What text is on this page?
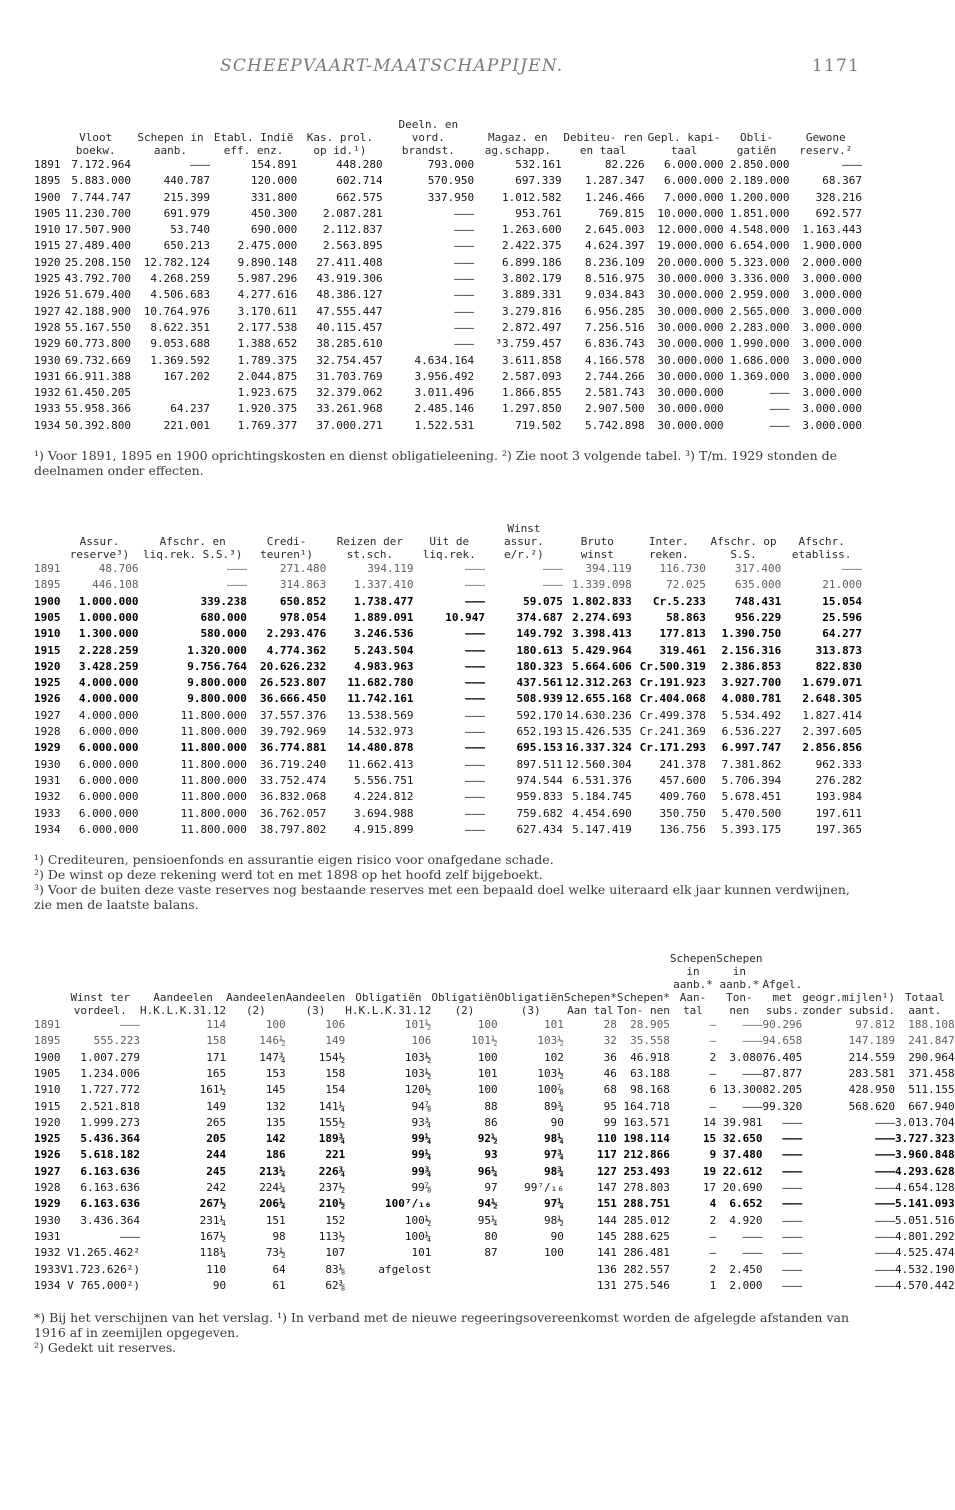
SCHEEPVAART-MAATSCHAPPIJEN.	1171
	Vloot boekw.	Schepen in aanb.	Etabl. Indië eff. enz.	Kas. prol. op id.¹)	Deeln. en vord. brandst.	Magaz. en ag.schapp.	Debiteu- ren en taal	Gepl. kapi- taal	Obli- gatiën	Gewone reserv.²
1891	7.172.964	———	154.891	448.280	793.000	532.161	82.226	6.000.000	2.850.000	———
1895	5.883.000	440.787	120.000	602.714	570.950	697.339	1.287.347	6.000.000	2.189.000	68.367
1900	7.744.747	215.399	331.800	662.575	337.950	1.012.582	1.246.466	7.000.000	1.200.000	328.216
1905	11.230.700	691.979	450.300	2.087.281	———	953.761	769.815	10.000.000	1.851.000	692.577
1910	17.507.900	53.740	690.000	2.112.837	———	1.263.600	2.645.003	12.000.000	4.548.000	1.163.443
1915	27.489.400	650.213	2.475.000	2.563.895	———	2.422.375	4.624.397	19.000.000	6.654.000	1.900.000
1920	25.208.150	12.782.124	9.890.148	27.411.408	———	6.899.186	8.236.109	20.000.000	5.323.000	2.000.000
1925	43.792.700	4.268.259	5.987.296	43.919.306	———	3.802.179	8.516.975	30.000.000	3.336.000	3.000.000
1926	51.679.400	4.506.683	4.277.616	48.386.127	———	3.889.331	9.034.843	30.000.000	2.959.000	3.000.000
1927	42.188.900	10.764.976	3.170.611	47.555.447	———	3.279.816	6.956.285	30.000.000	2.565.000	3.000.000
1928	55.167.550	8.622.351	2.177.538	40.115.457	———	2.872.497	7.256.516	30.000.000	2.283.000	3.000.000
1929	60.773.800	9.053.688	1.388.652	38.285.610	———	³3.759.457	6.836.743	30.000.000	1.990.000	3.000.000
1930	69.732.669	1.369.592	1.789.375	32.754.457	4.634.164	3.611.858	4.166.578	30.000.000	1.686.000	3.000.000
1931	66.911.388	167.202	2.044.875	31.703.769	3.956.492	2.587.093	2.744.266	30.000.000	1.369.000	3.000.000
1932	61.450.205		1.923.675	32.379.062	3.011.496	1.866.855	2.581.743	30.000.000	———	3.000.000
1933	55.958.366	64.237	1.920.375	33.261.968	2.485.146	1.297.850	2.907.500	30.000.000	———	3.000.000
1934	50.392.800	221.001	1.769.377	37.000.271	1.522.531	719.502	5.742.898	30.000.000	———	3.000.000

¹) Voor 1891, 1895 en 1900 oprichtingskosten en dienst obligatieleening. ²) Zie noot 3 volgende tabel. ³) T/m. 1929 stonden de deelnamen onder effecten.

	Assur. reserve³)	Afschr. en liq.rek. S.S.³)	Credi- teuren¹)	Reizen der st.sch.	Uit de liq.rek.	Winst assur. e/r.²)	Bruto winst	Inter. reken.	Afschr. op S.S.	Afschr. etabliss.
1891	48.706	———	271.480	394.119	———	———	394.119	116.730	317.400	———
1895	446.108	———	314.863	1.337.410	———	———	1.339.098	72.025	635.000	21.000
1900	1.000.000	339.238	650.852	1.738.477	———	59.075	1.802.833	Cr.5.233	748.431	15.054
1905	1.000.000	680.000	978.054	1.889.091	10.947	374.687	2.274.693	58.863	956.229	25.596
1910	1.300.000	580.000	2.293.476	3.246.536	———	149.792	3.398.413	177.813	1.390.750	64.277
1915	2.228.259	1.320.000	4.774.362	5.243.504	———	180.613	5.429.964	319.461	2.156.316	313.873
1920	3.428.259	9.756.764	20.626.232	4.983.963	———	180.323	5.664.606	Cr.500.319	2.386.853	822.830
1925	4.000.000	9.800.000	26.523.807	11.682.780	———	437.561	12.312.263	Cr.191.923	3.927.700	1.679.071
1926	4.000.000	9.800.000	36.666.450	11.742.161	———	508.939	12.655.168	Cr.404.068	4.080.781	2.648.305
1927	4.000.000	11.800.000	37.557.376	13.538.569	———	592.170	14.630.236	Cr.499.378	5.534.492	1.827.414
1928	6.000.000	11.800.000	39.792.969	14.532.973	———	652.193	15.426.535	Cr.241.369	6.536.227	2.397.605
1929	6.000.000	11.800.000	36.774.881	14.480.878	———	695.153	16.337.324	Cr.171.293	6.997.747	2.856.856
1930	6.000.000	11.800.000	36.719.240	11.662.413	———	897.511	12.560.304	241.378	7.381.862	962.333
1931	6.000.000	11.800.000	33.752.474	5.556.751	———	974.544	6.531.376	457.600	5.706.394	276.282
1932	6.000.000	11.800.000	36.832.068	4.224.812	———	959.833	5.184.745	409.760	5.678.451	193.984
1933	6.000.000	11.800.000	36.762.057	3.694.988	———	759.682	4.454.690	350.750	5.470.500	197.611
1934	6.000.000	11.800.000	38.797.802	4.915.899	———	627.434	5.147.419	136.756	5.393.175	197.365

¹) Crediteuren, pensioenfonds en assurantie eigen risico voor onafgedane schade.

²) De winst op deze rekening werd tot en met 1898 op het hoofd zelf bijgeboekt.

³) Voor de buiten deze vaste reserves nog bestaande reserves met een bepaald doel welke uiteraard elk jaar kunnen verdwijnen, zie men de laatste balans.

	Winst ter vordeel.	Aandeelen H.K.L.K.31.12	Aandeelen (2)	Aandeelen (3)	Obligatiën H.K.L.K.31.12	Obligatiën (2)	Obligatiën (3)	Schepen* Aan tal	Schepen* Ton- nen	Schepen in aanb.* Aan- tal	Schepen in aanb.* Ton- nen	Afgel. met subs.	geogr.mijlen¹) zonder subsid.	Totaal aant.
1891	———	114	100	106	101½	100	101	28	28.905	—	———	90.296	97.812	188.108
1895	555.223	158	146½	149	106	101½	103½	32	35.558	—	———	94.658	147.189	241.847
1900	1.007.279	171	147¾	154½	103½	100	102	36	46.918	2	3.080	76.405	214.559	290.964
1905	1.234.006	165	153	158	103½	101	103½	46	63.188	—	———	87.877	283.581	371.458
1910	1.727.772	161½	145	154	120½	100	100⅞	68	98.168	6	13.300	82.205	428.950	511.155
1915	2.521.818	149	132	141¼	94⅞	88	89¾	95	164.718	—	———	99.320	568.620	667.940
1920	1.999.273	265	135	155½	93¾	86	90	99	163.571	14	39.981	———	———	3.013.704
1925	5.436.364	205	142	189¾	99¼	92½	98¼	110	198.114	15	32.650	———	———	3.727.323
1926	5.618.182	244	186	221	99¼	93	97¾	117	212.866	9	37.480	———	———	3.960.848
1927	6.163.636	245	213¼	226¾	99¾	96¼	98¾	127	253.493	19	22.612	———	———	4.293.628
1928	6.163.636	242	224¼	237½	99⅞	97	99⁷/₁₆	147	278.803	17	20.690	———	———	4.654.128
1929	6.163.636	267½	206¼	210½	100⁷/₁₆	94½	97¼	151	288.751	4	6.652	———	———	5.141.093
1930	3.436.364	231¼	151	152	100½	95¼	98½	144	285.012	2	4.920	———	———	5.051.516
1931	———	167½	98	113½	100¼	80	90	145	288.625	—	———	———	———	4.801.292
1932	V1.265.462²	118¼	73½	107	101	87	100	141	286.481	—	———	———	———	4.525.474
1933	V1.723.626²)	110	64	83⅛	afgelost			136	282.557	2	2.450	———	———	4.532.190
1934	V 765.000²)	90	61	62⅜				131	275.546	1	2.000	———	———	4.570.442

*) Bij het verschijnen van het verslag. ¹) In verband met de nieuwe regeeringsovereenkomst worden de afgelegde afstanden van 1916 af in zeemijlen opgegeven.

²) Gedekt uit reserves.
